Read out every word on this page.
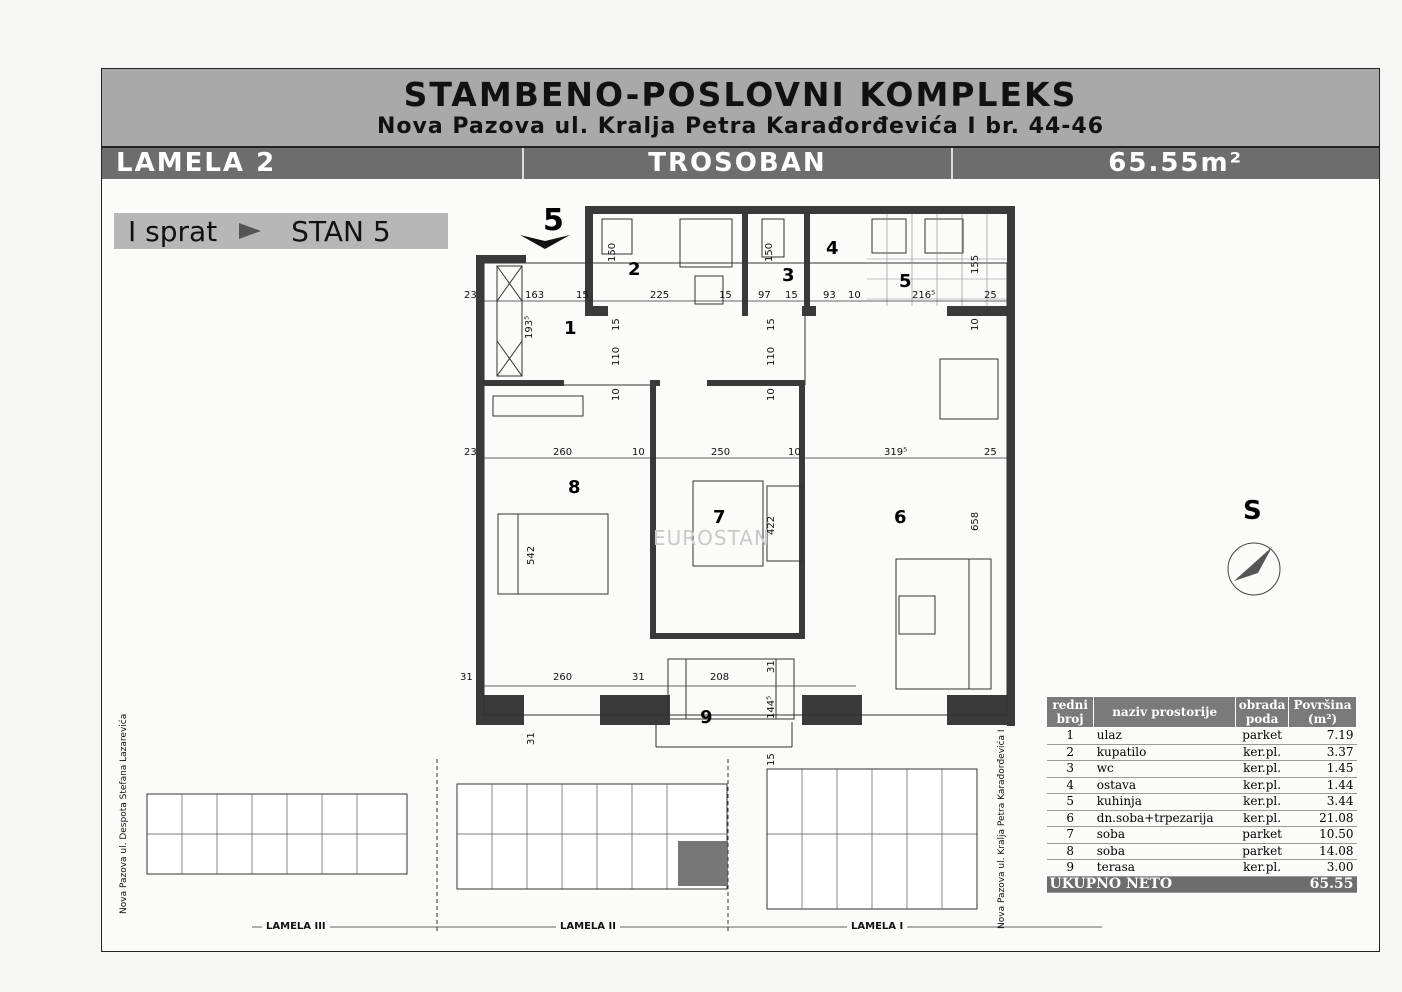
STAMBENO-POSLOVNI KOMPLEKS
Nova Pazova ul. Kralja Petra Karađorđevića I br. 44-46
LAMELA 2	TROSOBAN	65.55m²
I sprat	STAN 5	5
1
2	3
4
5
6
7
8
9
23	163	15	225	15	97 15	93 10	216⁵	25
23	260	10	250	10	319⁵	25
31	260	31	208
150	150
155
193⁵	15
110
15
110
10	10
10
422
542
658
31
144⁵
31
15
S
EUROSTAN
LAMELA III	LAMELA II	LAMELA I
Nova Pazova ul. Despota Stefana Lazarevića	Nova Pazova ul. Kralja Petra Karađorđevića I
redni broj	naziv prostorije	obrada poda	Površina (m²)
1	ulaz	parket	7.19
2	kupatilo	ker.pl.	3.37
3	wc	ker.pl.	1.45
4	ostava	ker.pl.	1.44
5	kuhinja	ker.pl.	3.44
6	dn.soba+trpezarija	ker.pl.	21.08
7	soba	parket	10.50
8	soba	parket	14.08
9	terasa	ker.pl.	3.00
UKUPNO NETO			65.55
